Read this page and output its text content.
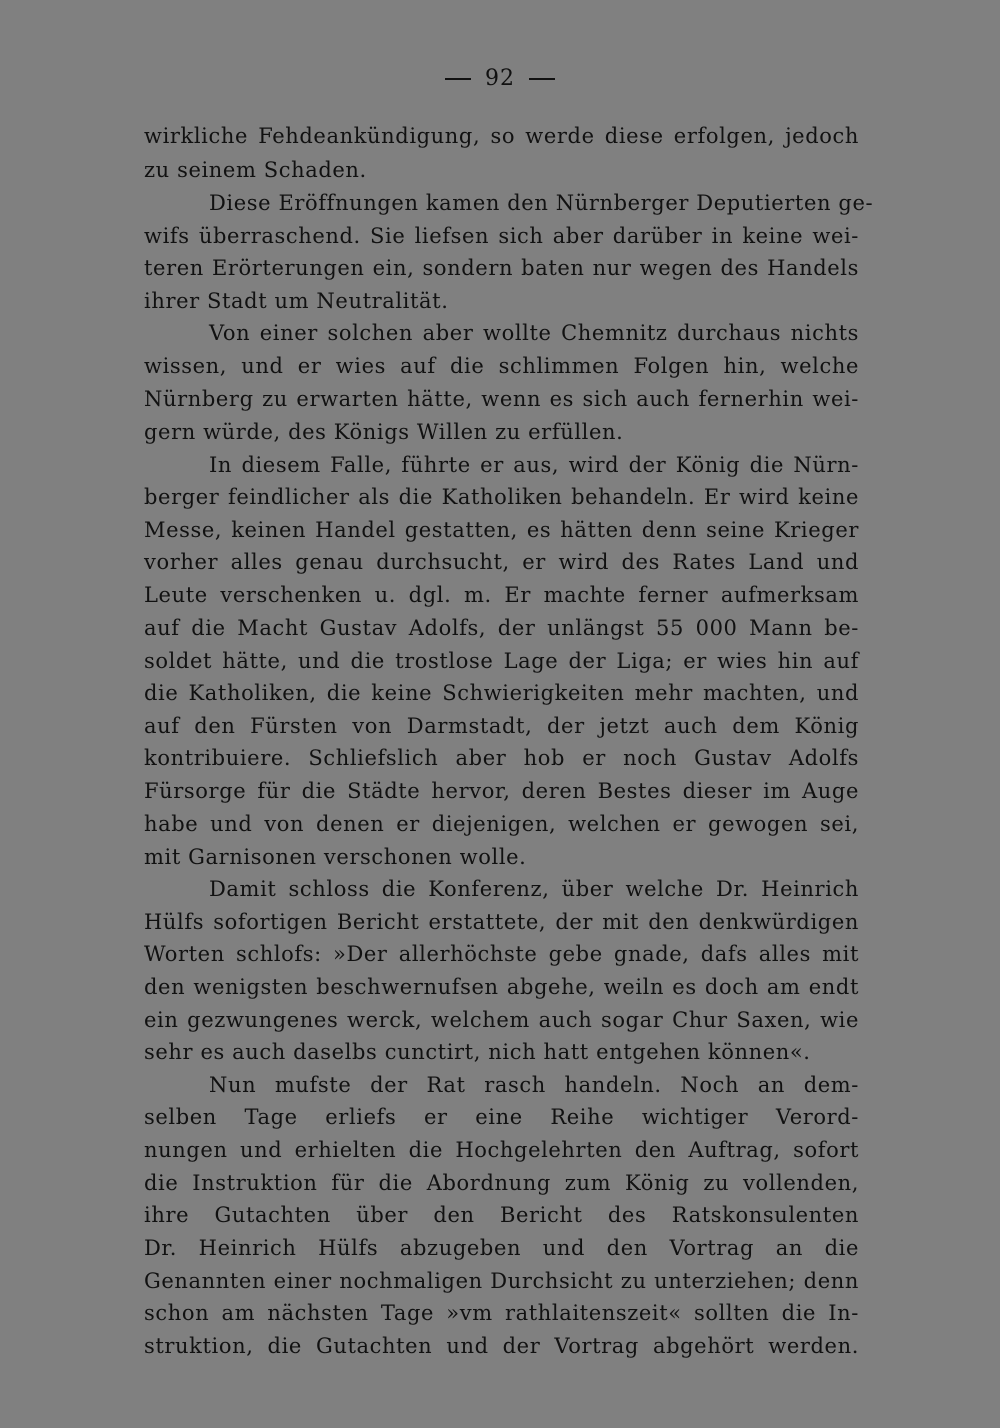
92
wirkliche Fehdeankündigung, so werde diese erfolgen, jedoch
zu seinem Schaden.
Diese Eröffnungen kamen den Nürnberger Deputierten ge-
wifs überraschend. Sie liefsen sich aber darüber in keine wei-
teren Erörterungen ein, sondern baten nur wegen des Handels
ihrer Stadt um Neutralität.
Von einer solchen aber wollte Chemnitz durchaus nichts
wissen, und er wies auf die schlimmen Folgen hin, welche
Nürnberg zu erwarten hätte, wenn es sich auch fernerhin wei-
gern würde, des Königs Willen zu erfüllen.
In diesem Falle, führte er aus, wird der König die Nürn-
berger feindlicher als die Katholiken behandeln. Er wird keine
Messe, keinen Handel gestatten, es hätten denn seine Krieger
vorher alles genau durchsucht, er wird des Rates Land und
Leute verschenken u. dgl. m. Er machte ferner aufmerksam
auf die Macht Gustav Adolfs, der unlängst 55 000 Mann be-
soldet hätte, und die trostlose Lage der Liga; er wies hin auf
die Katholiken, die keine Schwierigkeiten mehr machten, und
auf den Fürsten von Darmstadt, der jetzt auch dem König
kontribuiere. Schliefslich aber hob er noch Gustav Adolfs
Fürsorge für die Städte hervor, deren Bestes dieser im Auge
habe und von denen er diejenigen, welchen er gewogen sei,
mit Garnisonen verschonen wolle.
Damit schloss die Konferenz, über welche Dr. Heinrich
Hülfs sofortigen Bericht erstattete, der mit den denkwürdigen
Worten schlofs: »Der allerhöchste gebe gnade, dafs alles mit
den wenigsten beschwernufsen abgehe, weiln es doch am endt
ein gezwungenes werck, welchem auch sogar Chur Saxen, wie
sehr es auch daselbs cunctirt, nich hatt entgehen können«.
Nun mufste der Rat rasch handeln. Noch an dem-
selben Tage erliefs er eine Reihe wichtiger Verord-
nungen und erhielten die Hochgelehrten den Auftrag, sofort
die Instruktion für die Abordnung zum König zu vollenden,
ihre Gutachten über den Bericht des Ratskonsulenten
Dr. Heinrich Hülfs abzugeben und den Vortrag an die
Genannten einer nochmaligen Durchsicht zu unterziehen; denn
schon am nächsten Tage »vm rathlaitenszeit« sollten die In-
struktion, die Gutachten und der Vortrag abgehört werden.
